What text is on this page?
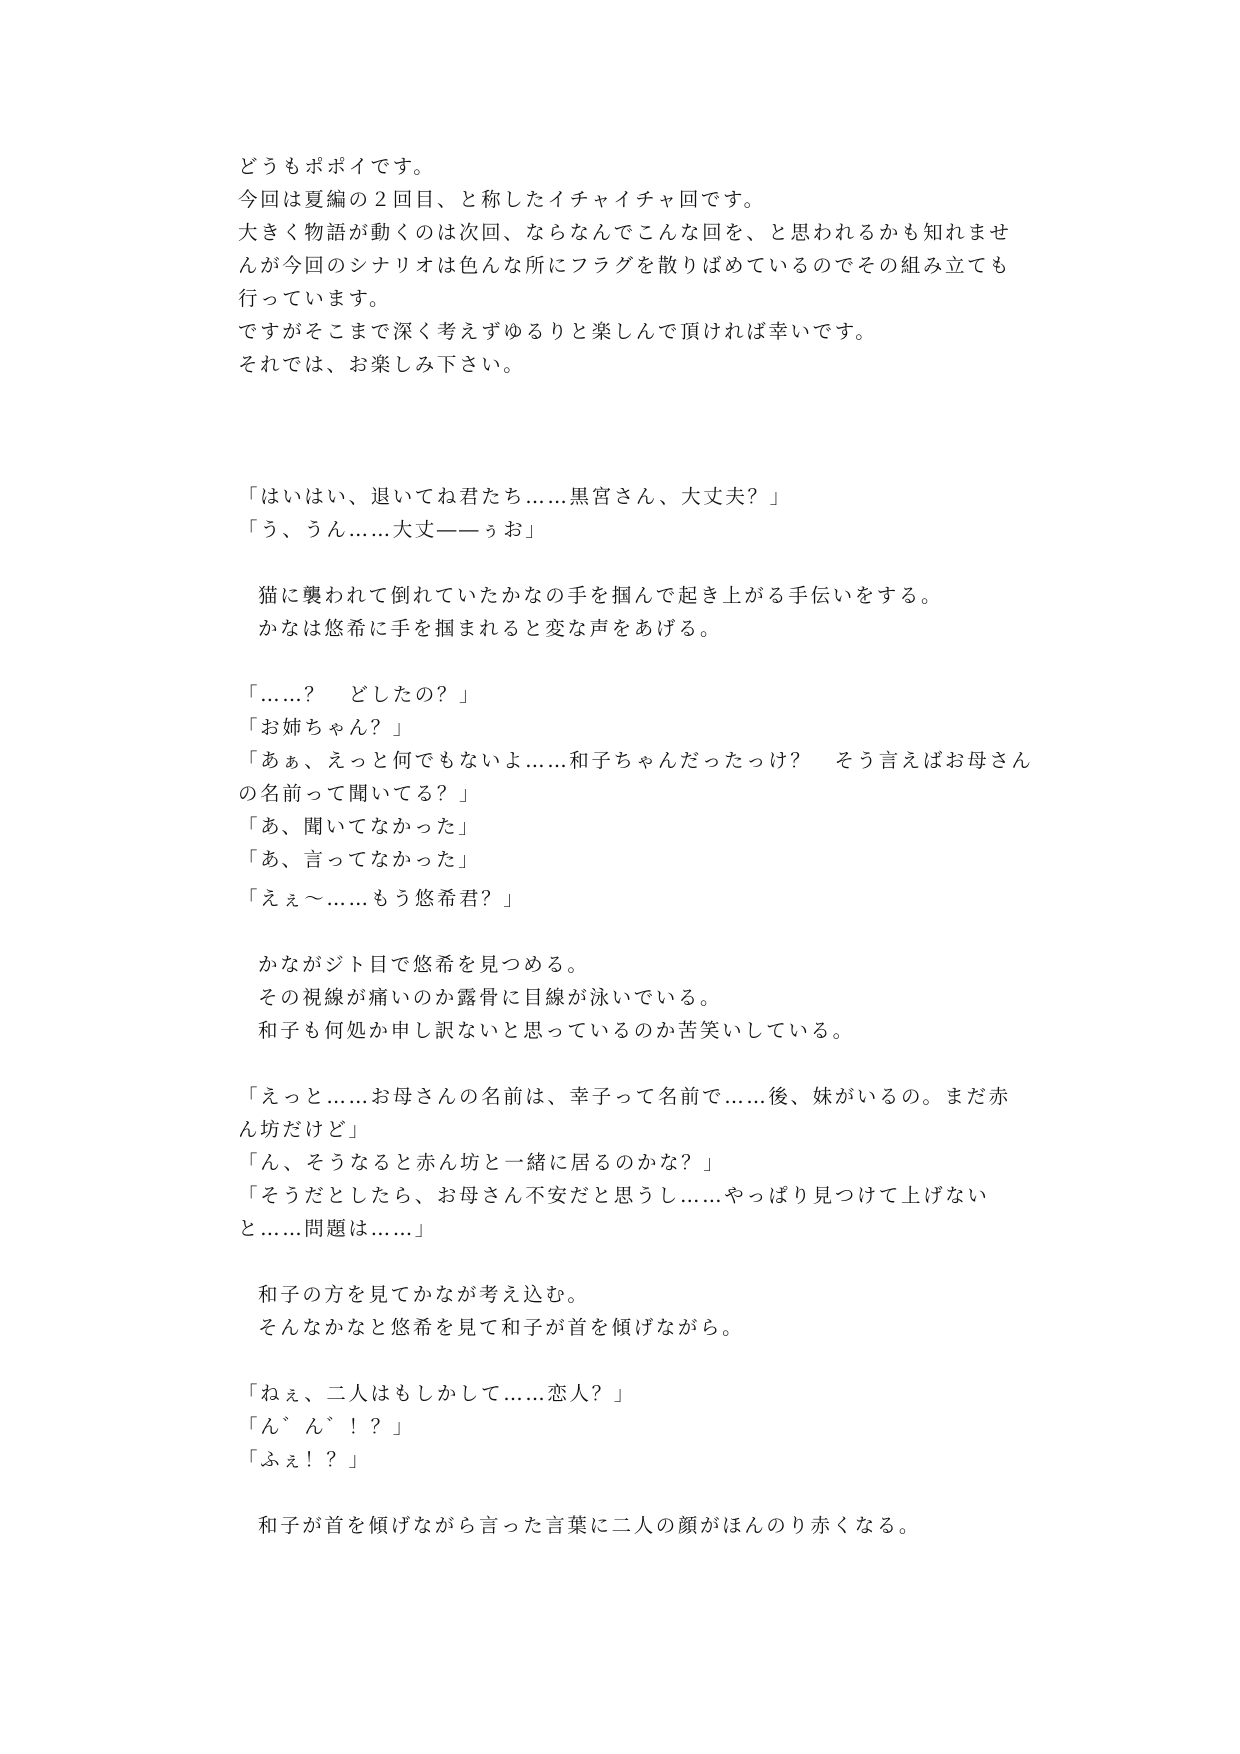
どうもポポイです。
今回は夏編の２回目、と称したイチャイチャ回です。
大きく物語が動くのは次回、ならなんでこんな回を、と思われるかも知れませ
んが今回のシナリオは色んな所にフラグを散りばめているのでその組み立ても
行っています。
ですがそこまで深く考えずゆるりと楽しんで頂ければ幸いです。
それでは、お楽しみ下さい。
「はいはい、退いてね君たち……黒宮さん、大丈夫？」
「う、うん……大丈――ぅお」
猫に襲われて倒れていたかなの手を掴んで起き上がる手伝いをする。
かなは悠希に手を掴まれると変な声をあげる。
「……？　どしたの？」
「お姉ちゃん？」
「あぁ、えっと何でもないよ……和子ちゃんだったっけ？　そう言えばお母さん
の名前って聞いてる？」
「あ、聞いてなかった」
「あ、言ってなかった」
「えぇ〜……もう悠希君？」
かながジト目で悠希を見つめる。
その視線が痛いのか露骨に目線が泳いでいる。
和子も何処か申し訳ないと思っているのか苦笑いしている。
「えっと……お母さんの名前は、幸子って名前で……後、妹がいるの。まだ赤
ん坊だけど」
「ん、そうなると赤ん坊と一緒に居るのかな？」
「そうだとしたら、お母さん不安だと思うし……やっぱり見つけて上げない
と……問題は……」
和子の方を見てかなが考え込む。
そんなかなと悠希を見て和子が首を傾げながら。
「ねぇ、二人はもしかして……恋人？」
「ん゛ん゛！？」
「ふぇ！？」
和子が首を傾げながら言った言葉に二人の顔がほんのり赤くなる。
